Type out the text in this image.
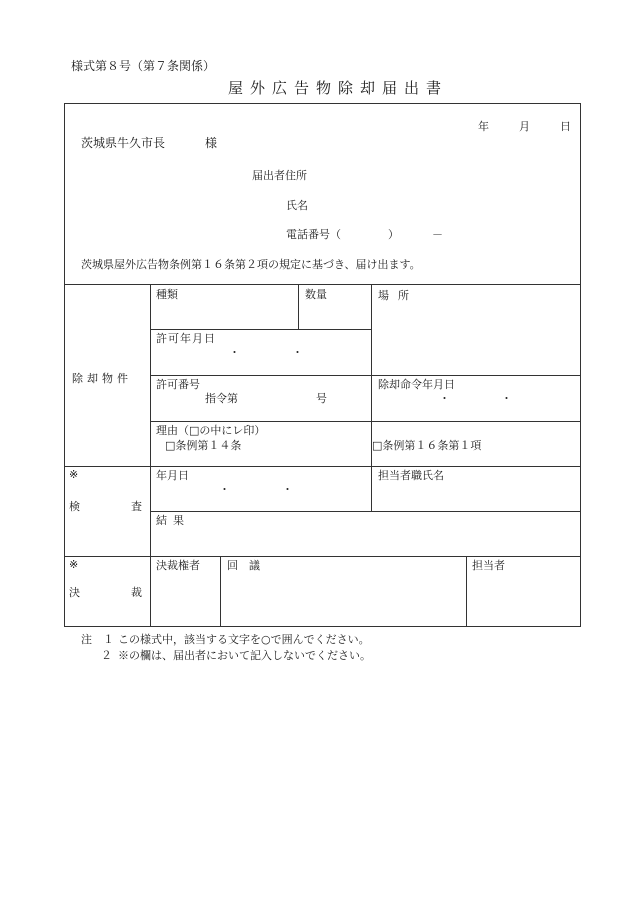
様式第８号（第７条関係）
屋外広告物除却届出書
年	月	日
茨城県牛久市長	様
届出者住所
氏名
電話番号（	）	－
茨城県屋外広告物条例第１６条第２項の規定に基づき、届け出ます。
除却物件
種類	数量	場所
許可年月日
・	・
許可番号
指令第	号
除却命令年月日
・	・
理由（□の中にレ印）
□条例第１４条	□条例第１６条第１項
※
検	査
年月日
・	・
担当者職氏名
結果
※
決	裁
決裁権者 回議	担当者
注　１ この様式中，該当する文字を○で囲んでください。
２ ※の欄は、届出者において記入しないでください。
